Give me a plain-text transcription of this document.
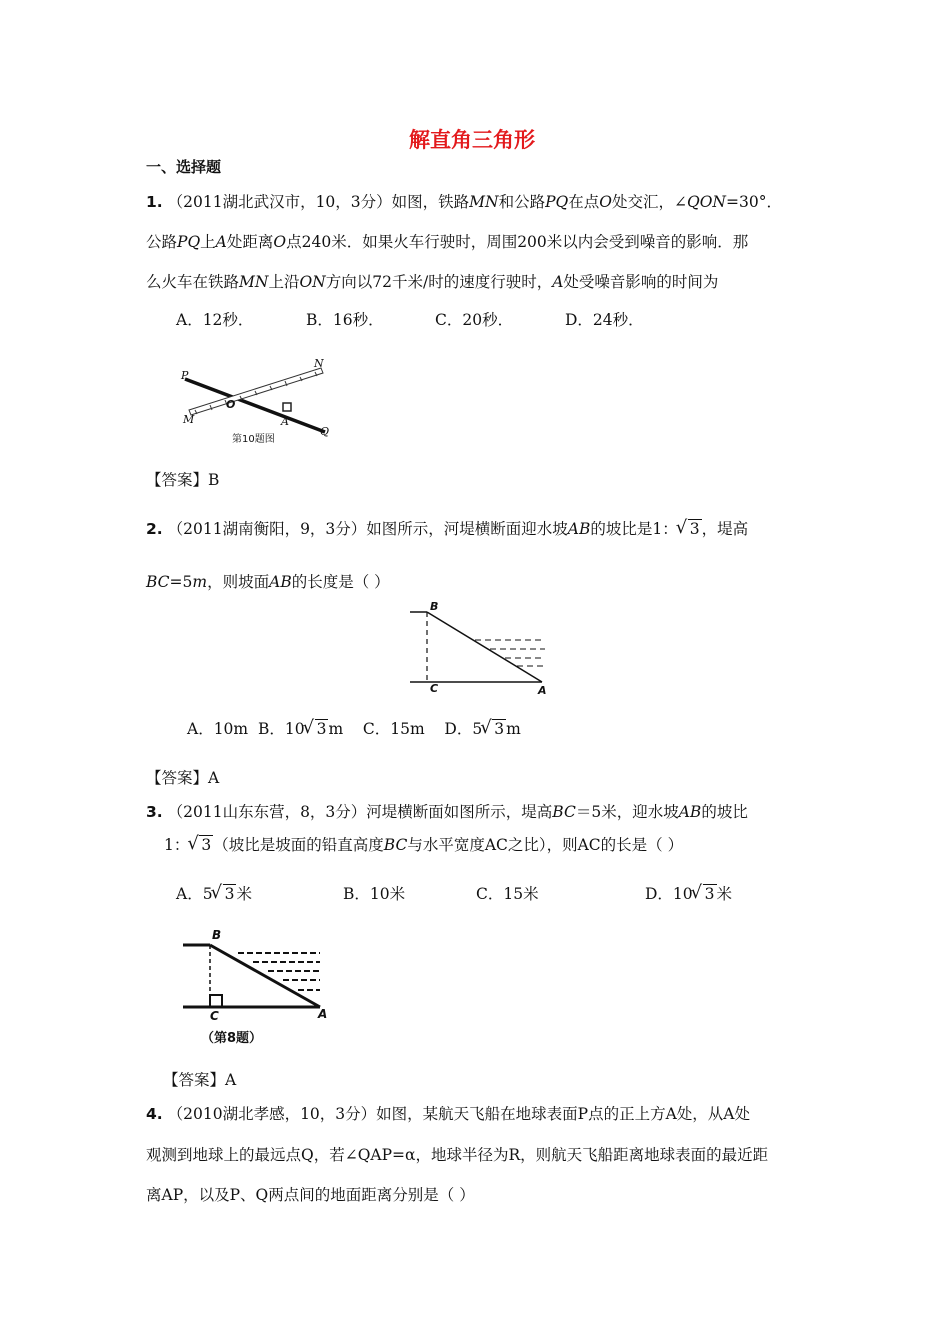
解直角三角形
一、选择题
1. （2011湖北武汉市，10，3分）如图，铁路MN和公路PQ在点O处交汇，∠QON=30°．
公路PQ上A处距离O点240米．如果火车行驶时，周围200米以内会受到噪音的影响．那
么火车在铁路MN上沿ON方向以72千米/时的速度行驶时，A处受噪音影响的时间为
A．12秒．	B．16秒．	C．20秒．	D．24秒．
P
N
O
M	A
Q
第10题图
【答案】B
2. （2011湖南衡阳，9，3分）如图所示，河堤横断面迎水坡AB的坡比是1： √ 3 ，堤高
BC=5m，则坡面AB的长度是（ ）
B
C	A
A．10m B．10 √ 3 m C．15m D．5 √ 3 m
【答案】A
3. （2011山东东营，8，3分）河堤横断面如图所示，堤高BC＝5米，迎水坡AB的坡比
1： √ 3 （坡比是坡面的铅直高度BC与水平宽度AC之比），则AC的长是（ ）
A．5 √ 3 米	B．10米	C．15米	D．10 √ 3 米
B
C	A
（第8题）
【答案】A
4. （2010湖北孝感，10，3分）如图，某航天飞船在地球表面P点的正上方A处，从A处
观测到地球上的最远点Q，若∠QAP=α，地球半径为R，则航天飞船距离地球表面的最近距
离AP，以及P、Q两点间的地面距离分别是（ ）
